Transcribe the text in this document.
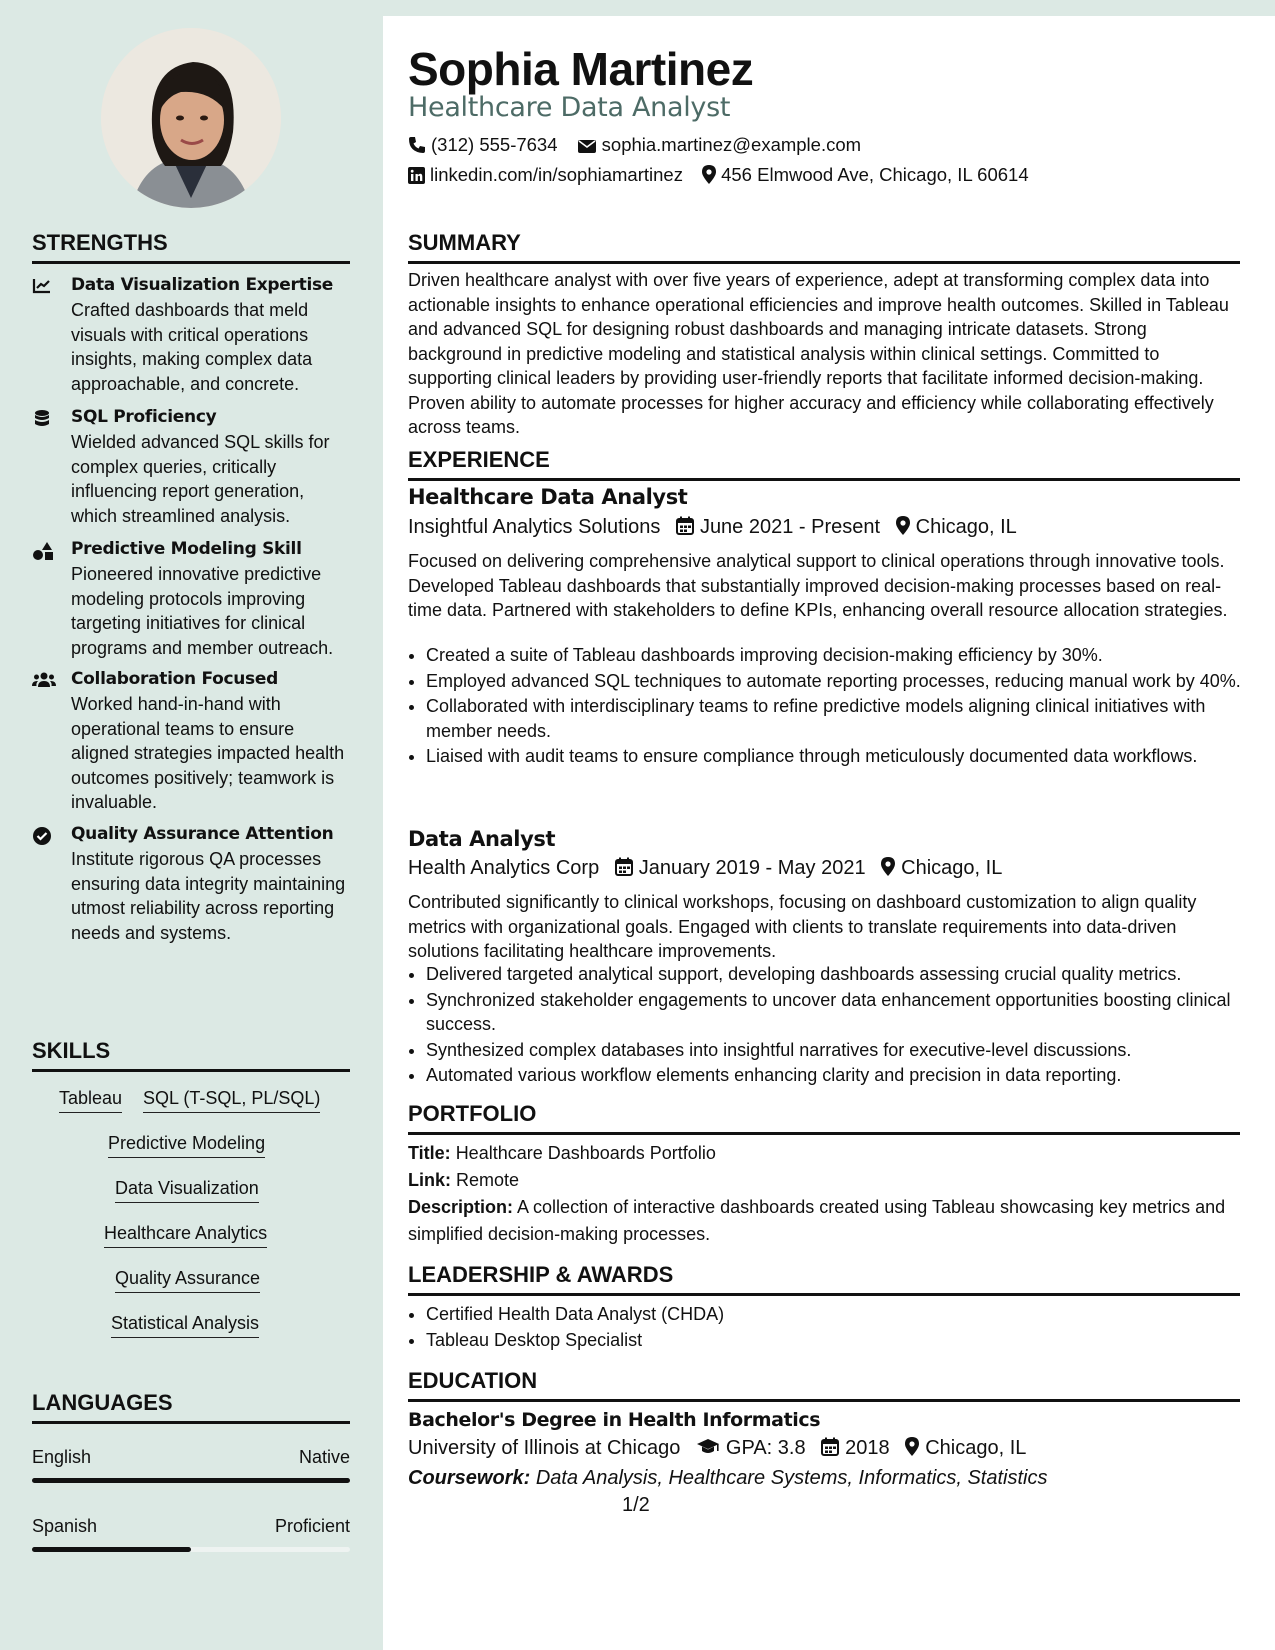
STRENGTHS
Data Visualization Expertise
Crafted dashboards that meld visuals with critical operations insights, making complex data approachable, and concrete.
SQL Proficiency
Wielded advanced SQL skills for complex queries, critically influencing report generation, which streamlined analysis.
Predictive Modeling Skill
Pioneered innovative predictive modeling protocols improving targeting initiatives for clinical programs and member outreach.
Collaboration Focused
Worked hand-in-hand with operational teams to ensure aligned strategies impacted health outcomes positively; teamwork is invaluable.
Quality Assurance Attention
Institute rigorous QA processes ensuring data integrity maintaining utmost reliability across reporting needs and systems.
SKILLS
Tableau SQL (T-SQL, PL/SQL)
Predictive Modeling
Data Visualization
Healthcare Analytics
Quality Assurance
Statistical Analysis
LANGUAGES
English	Native
Spanish	Proficient
Sophia Martinez
Healthcare Data Analyst
(312) 555-7634 sophia.martinez@example.com
linkedin.com/in/sophiamartinez 456 Elmwood Ave, Chicago, IL 60614
SUMMARY
Driven healthcare analyst with over five years of experience, adept at transforming complex data into actionable insights to enhance operational efficiencies and improve health outcomes. Skilled in Tableau and advanced SQL for designing robust dashboards and managing intricate datasets. Strong background in predictive modeling and statistical analysis within clinical settings. Committed to supporting clinical leaders by providing user-friendly reports that facilitate informed decision-making. Proven ability to automate processes for higher accuracy and efficiency while collaborating effectively across teams.
EXPERIENCE
Healthcare Data Analyst
Insightful Analytics Solutions June 2021 - Present Chicago, IL
Focused on delivering comprehensive analytical support to clinical operations through innovative tools. Developed Tableau dashboards that substantially improved decision-making processes based on real-time data. Partnered with stakeholders to define KPIs, enhancing overall resource allocation strategies.
• Created a suite of Tableau dashboards improving decision-making efficiency by 30%.
• Employed advanced SQL techniques to automate reporting processes, reducing manual work by 40%.
• Collaborated with interdisciplinary teams to refine predictive models aligning clinical initiatives with member needs.
• Liaised with audit teams to ensure compliance through meticulously documented data workflows.
Data Analyst
Health Analytics Corp January 2019 - May 2021 Chicago, IL
Contributed significantly to clinical workshops, focusing on dashboard customization to align quality metrics with organizational goals. Engaged with clients to translate requirements into data-driven solutions facilitating healthcare improvements.
• Delivered targeted analytical support, developing dashboards assessing crucial quality metrics.
• Synchronized stakeholder engagements to uncover data enhancement opportunities boosting clinical success.
• Synthesized complex databases into insightful narratives for executive-level discussions.
• Automated various workflow elements enhancing clarity and precision in data reporting.
PORTFOLIO
Title: Healthcare Dashboards Portfolio
Link: Remote
Description: A collection of interactive dashboards created using Tableau showcasing key metrics and simplified decision-making processes.
LEADERSHIP & AWARDS
• Certified Health Data Analyst (CHDA)
• Tableau Desktop Specialist
EDUCATION
Bachelor's Degree in Health Informatics
University of Illinois at Chicago GPA: 3.8 2018 Chicago, IL
Coursework: Data Analysis, Healthcare Systems, Informatics, Statistics
1/2
